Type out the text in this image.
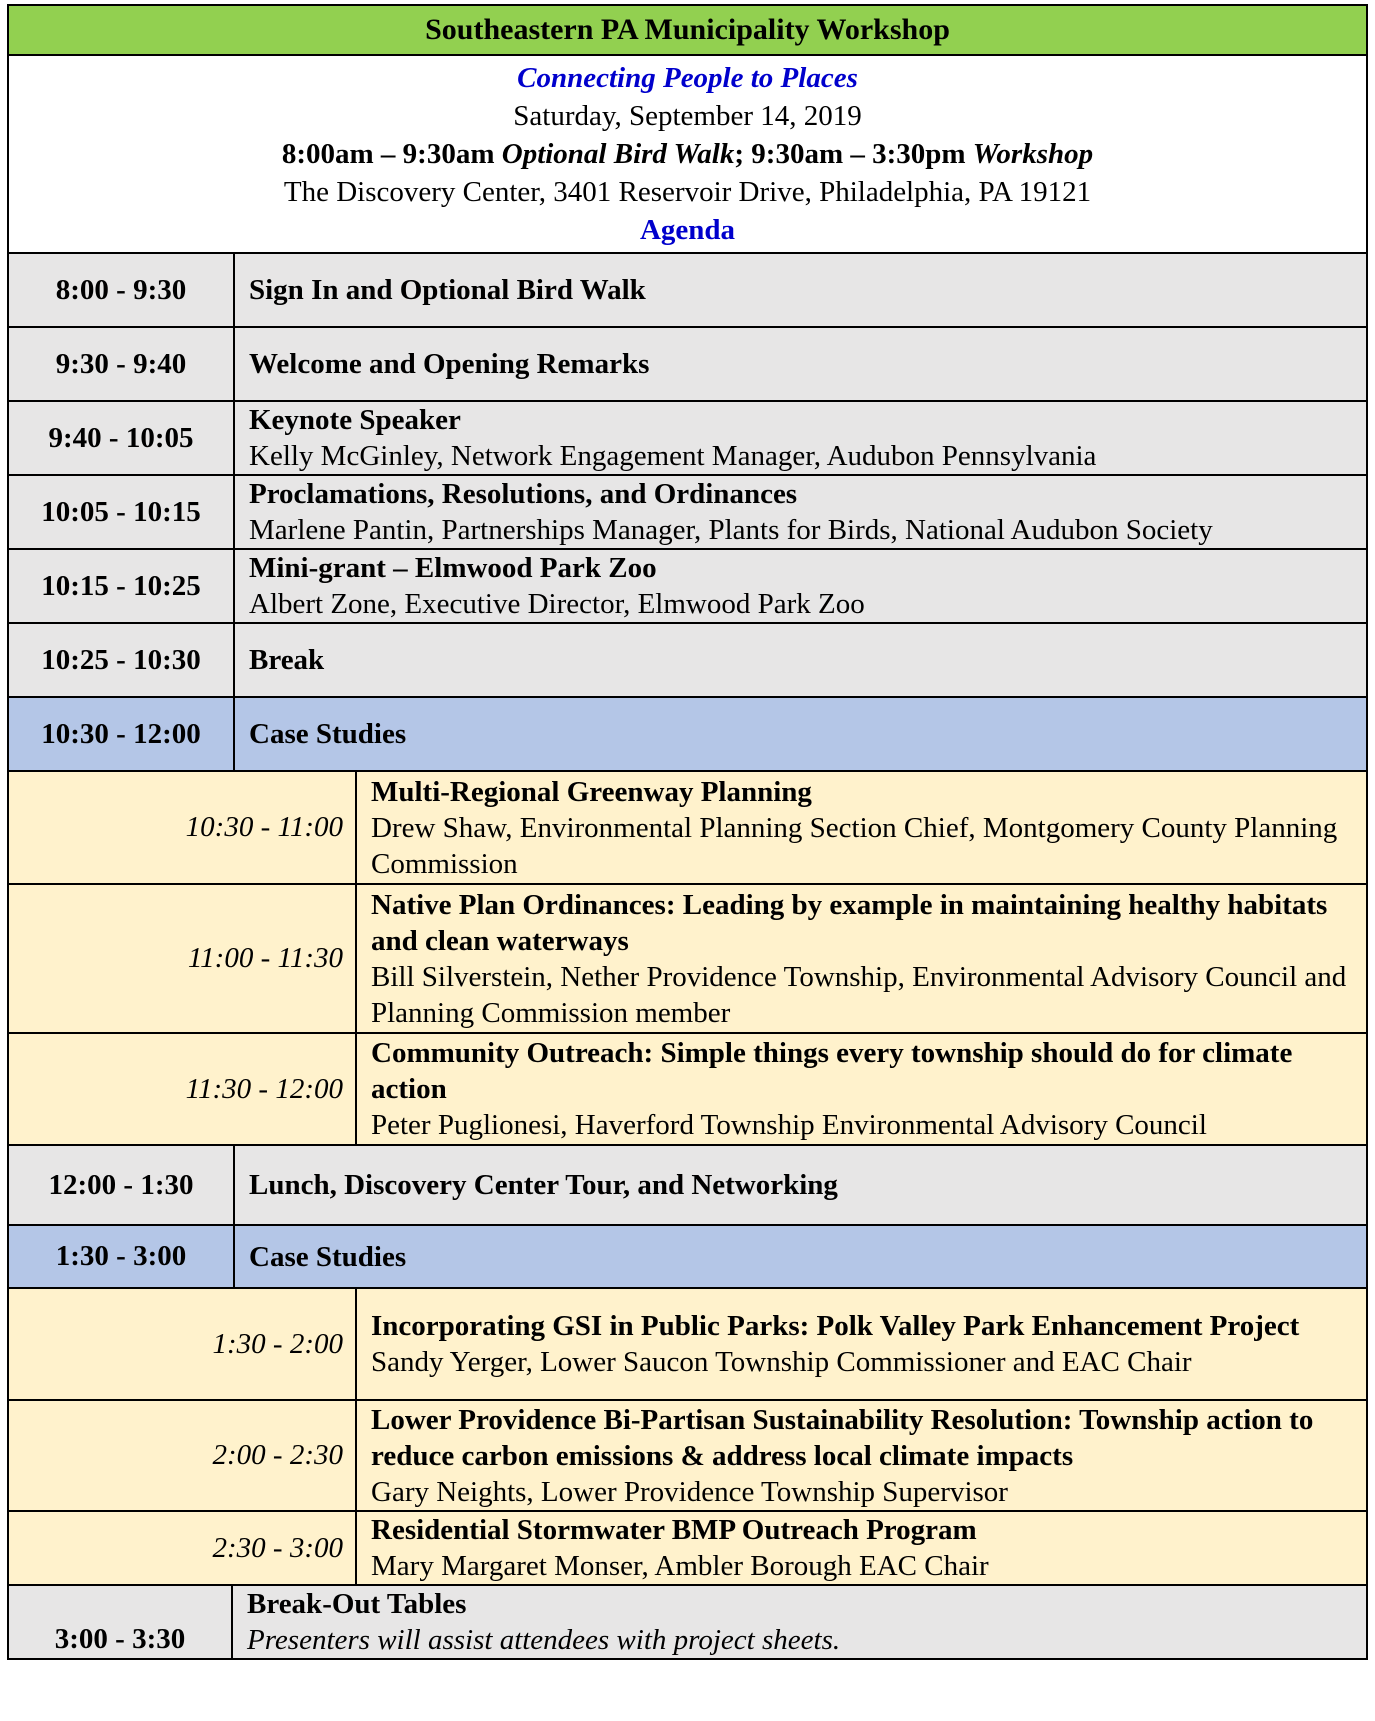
Southeastern PA Municipality Workshop
Connecting People to Places
Saturday, September 14, 2019
8:00am – 9:30am Optional Bird Walk; 9:30am – 3:30pm Workshop
The Discovery Center, 3401 Reservoir Drive, Philadelphia, PA 19121
Agenda
8:00 - 9:30	Sign In and Optional Bird Walk
9:30 - 9:40	Welcome and Opening Remarks
9:40 - 10:05
Keynote Speaker
Kelly McGinley, Network Engagement Manager, Audubon Pennsylvania
10:05 - 10:15
Proclamations, Resolutions, and Ordinances
Marlene Pantin, Partnerships Manager, Plants for Birds, National Audubon Society
10:15 - 10:25
Mini-grant – Elmwood Park Zoo
Albert Zone, Executive Director, Elmwood Park Zoo
10:25 - 10:30	Break
10:30 - 12:00	Case Studies
10:30 - 11:00
Multi-Regional Greenway Planning
Drew Shaw, Environmental Planning Section Chief, Montgomery County Planning Commission
11:00 - 11:30
Native Plan Ordinances: Leading by example in maintaining healthy habitats and clean waterways
Bill Silverstein, Nether Providence Township, Environmental Advisory Council and Planning Commission member
11:30 - 12:00
Community Outreach: Simple things every township should do for climate action
Peter Puglionesi, Haverford Township Environmental Advisory Council
12:00 - 1:30	Lunch, Discovery Center Tour, and Networking
1:30 - 3:00	Case Studies
1:30 - 2:00
Incorporating GSI in Public Parks: Polk Valley Park Enhancement Project
Sandy Yerger, Lower Saucon Township Commissioner and EAC Chair
2:00 - 2:30
Lower Providence Bi-Partisan Sustainability Resolution: Township action to reduce carbon emissions & address local climate impacts
Gary Neights, Lower Providence Township Supervisor
2:30 - 3:00
Residential Stormwater BMP Outreach Program
Mary Margaret Monser, Ambler Borough EAC Chair
3:00 - 3:30
Break-Out Tables
Presenters will assist attendees with project sheets.
